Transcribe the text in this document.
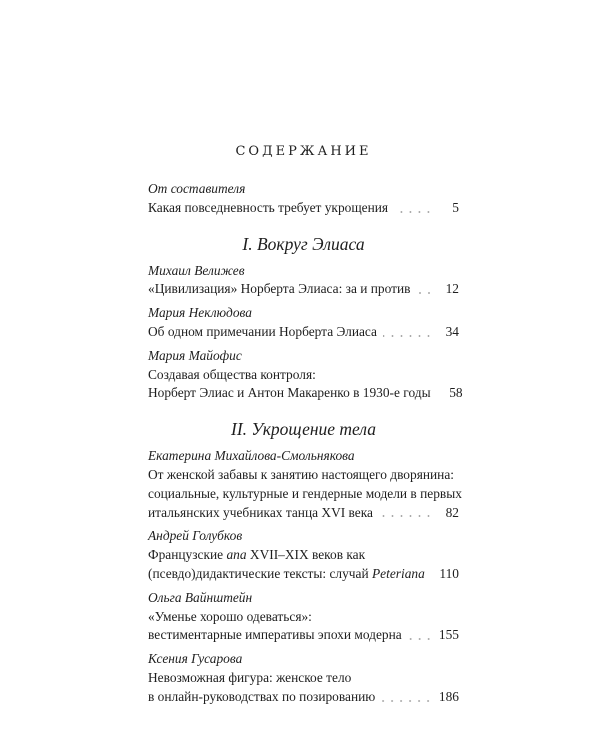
СОДЕРЖАНИЕ
От составителя
Какая повседневность требует укрощения	5
I. Вокруг Элиаса
Михаил Велижев
«Цивилизация» Норберта Элиаса: за и против	12
Мария Неклюдова
Об одном примечании Норберта Элиаса	34
Мария Майофис
Создавая общества контроля:
Норберт Элиас и Антон Макаренко в 1930-е годы	58
II. Укрощение тела
Екатерина Михайлова-Смольнякова
От женской забавы к занятию настоящего дворянина:
социальные, культурные и гендерные модели в первых
итальянских учебниках танца XVI века	82
Андрей Голубков
Французские ana XVII–XIX веков как
(псевдо)дидактические тексты: случай Peteriana 110
Ольга Вайнштейн
«Уменье хорошо одеваться»:
вестиментарные императивы эпохи модерна	155
Ксения Гусарова
Невозможная фигура: женское тело
в онлайн-руководствах по позированию	186
